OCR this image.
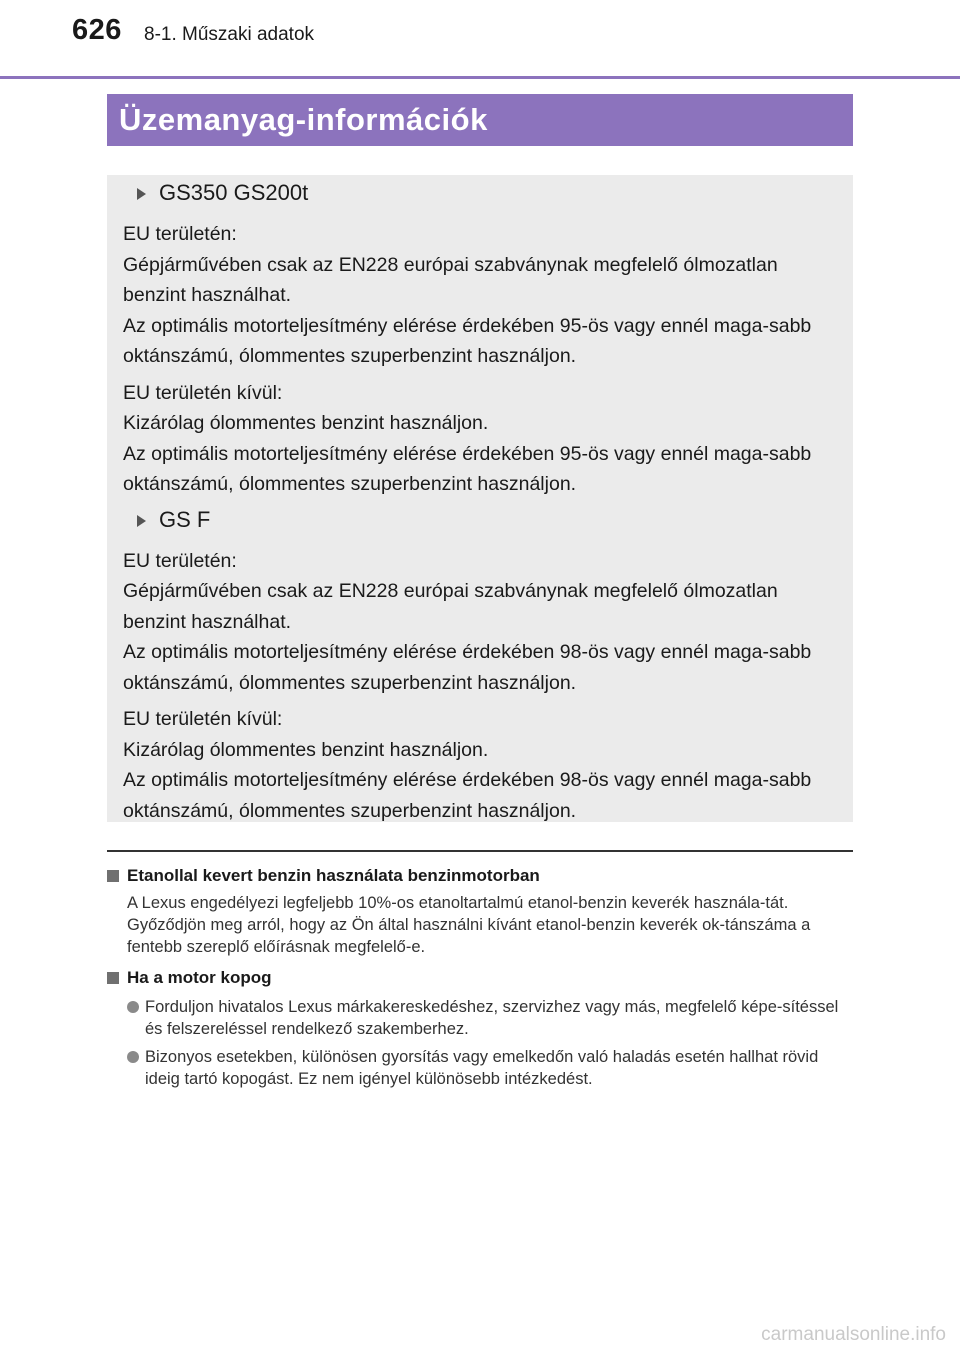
626 8-1. Műszaki adatok
Üzemanyag-információk
GS350 GS200t

EU területén:

Gépjárművében csak az EN228 európai szabványnak megfelelő ólmozatlan benzint használhat.

Az optimális motorteljesítmény elérése érdekében 95-ös vagy ennél maga-sabb oktánszámú, ólommentes szuperbenzint használjon.

EU területén kívül:

Kizárólag ólommentes benzint használjon.

Az optimális motorteljesítmény elérése érdekében 95-ös vagy ennél maga-sabb oktánszámú, ólommentes szuperbenzint használjon.

GS F

EU területén:

Gépjárművében csak az EN228 európai szabványnak megfelelő ólmozatlan benzint használhat.

Az optimális motorteljesítmény elérése érdekében 98-ös vagy ennél maga-sabb oktánszámú, ólommentes szuperbenzint használjon.

EU területén kívül:

Kizárólag ólommentes benzint használjon.

Az optimális motorteljesítmény elérése érdekében 98-ös vagy ennél maga-sabb oktánszámú, ólommentes szuperbenzint használjon.

Etanollal kevert benzin használata benzinmotorban

A Lexus engedélyezi legfeljebb 10%-os etanoltartalmú etanol-benzin keverék használa-tát. Győződjön meg arról, hogy az Ön által használni kívánt etanol-benzin keverék ok-tánszáma a fentebb szereplő előírásnak megfelelő-e.

Ha a motor kopog
Forduljon hivatalos Lexus márkakereskedéshez, szervizhez vagy más, megfelelő képe-sítéssel és felszereléssel rendelkező szakemberhez.
Bizonyos esetekben, különösen gyorsítás vagy emelkedőn való haladás esetén hallhat rövid ideig tartó kopogást. Ez nem igényel különösebb intézkedést.
carmanualsonline.info
